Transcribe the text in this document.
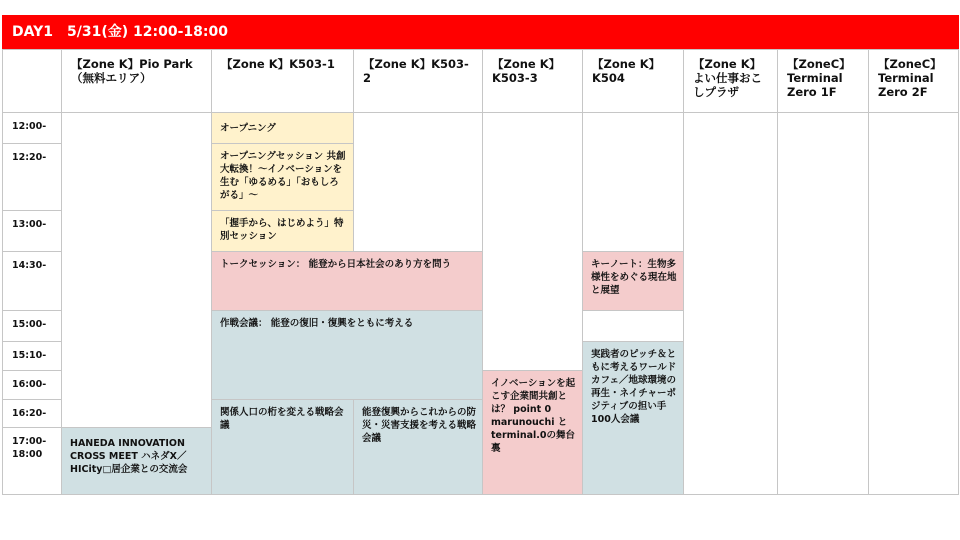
DAY1　5/31(金) 12:00-18:00
【Zone K】Pio Park（無料エリア）
【Zone K】K503-1	【Zone K】K503-2
【Zone K】K503-3
【Zone K】K504
【Zone K】よい仕事おこしプラザ
【ZoneC】Terminal Zero 1F
【ZoneC】Terminal Zero 2F
12:00-
12:20-
13:00-
14:30-
15:00-
15:10-
16:00-
16:20-
17:00-
18:00
HANEDA INNOVATION CROSS MEET ハネダX／HICity□居企業との交流会
オープニング
オープニングセッション 共創大転換！～イノベーションを生む「ゆるめる」「おもしろがる」～
「握手から、はじめよう」特別セッション
イノベーションを起こす企業間共創とは？ point 0 marunouchi と terminal.0の舞台裏
キーノート：生物多様性をめぐる現在地と展望
実践者のピッチ＆ともに考えるワールドカフェ／地球環境の再生・ネイチャーポジティブの担い手100人会議
トークセッション： 能登から日本社会のあり方を問う
作戦会議： 能登の復旧・復興をともに考える
関係人口の桁を変える戦略会議
能登復興からこれからの防災・災害支援を考える戦略会議
